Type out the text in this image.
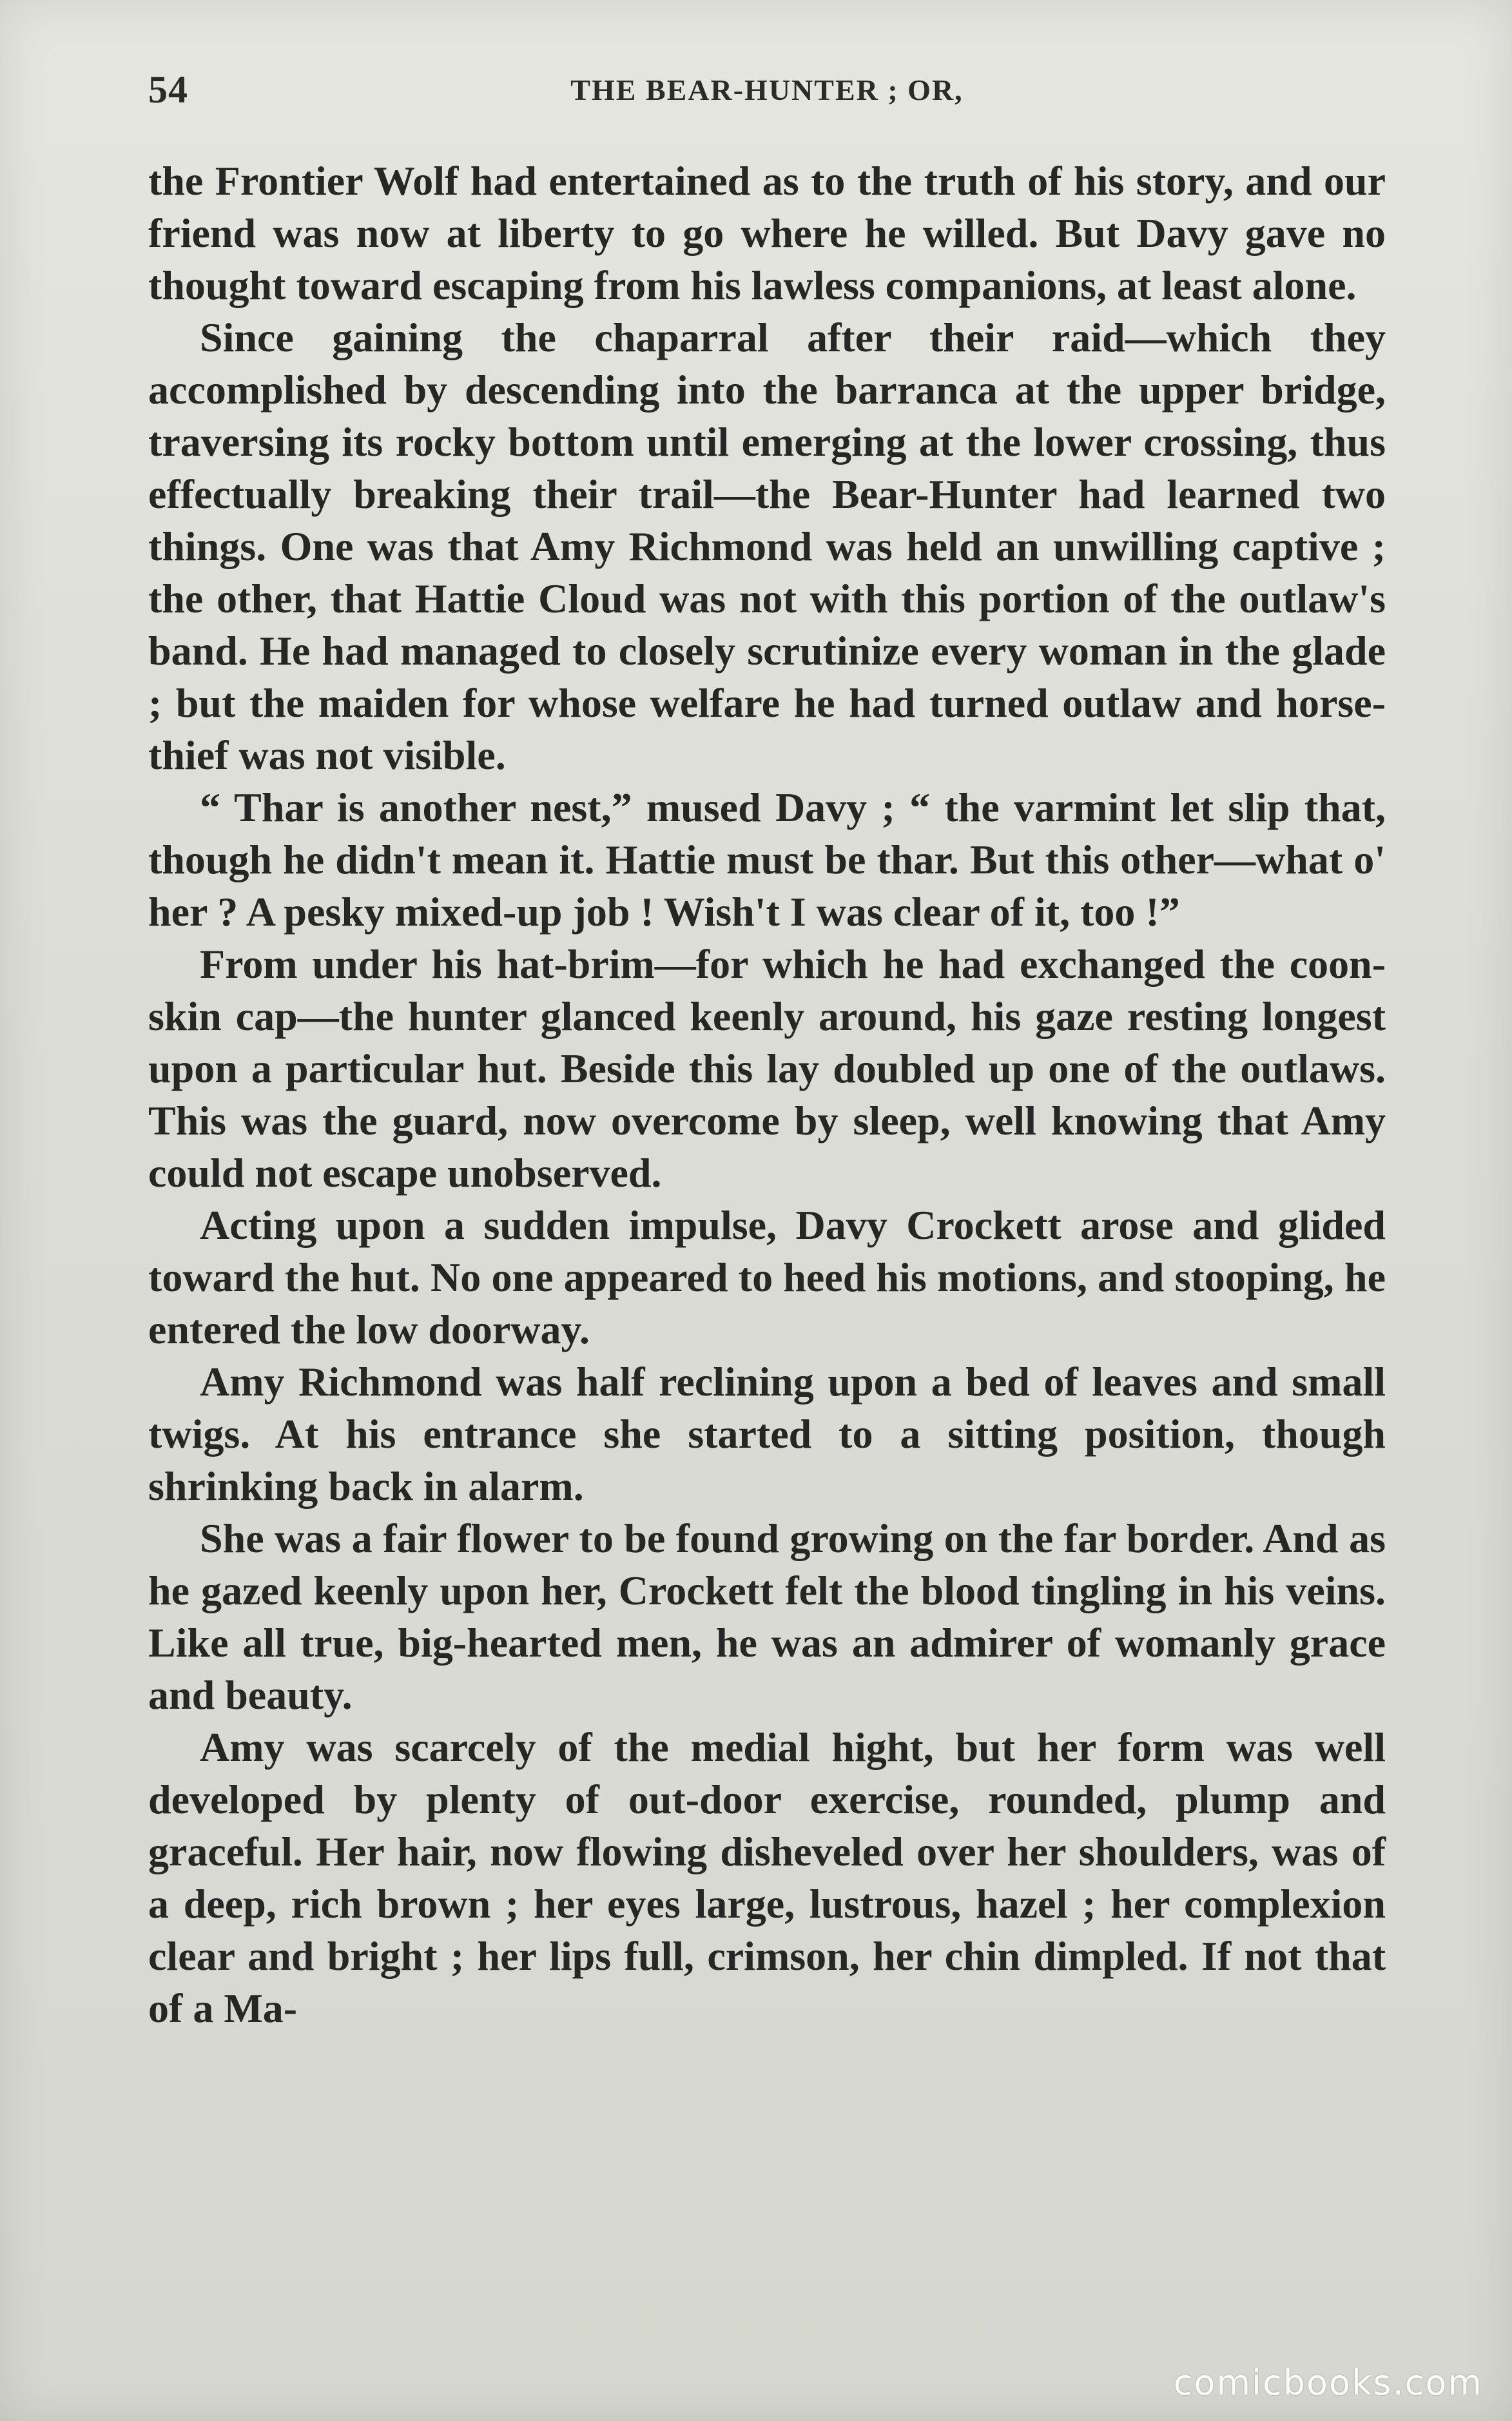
54	THE BEAR-HUNTER ; OR,

the Frontier Wolf had entertained as to the truth of his story, and our friend was now at liberty to go where he willed. But Davy gave no thought toward escaping from his lawless companions, at least alone.

Since gaining the chaparral after their raid—which they accomplished by descending into the barranca at the upper bridge, traversing its rocky bottom until emerging at the lower crossing, thus effectually breaking their trail—the Bear-Hunter had learned two things. One was that Amy Richmond was held an unwilling captive ; the other, that Hattie Cloud was not with this portion of the outlaw's band. He had managed to closely scrutinize every woman in the glade ; but the maiden for whose welfare he had turned outlaw and horse-thief was not visible.

“ Thar is another nest,” mused Davy ; “ the varmint let slip that, though he didn't mean it. Hattie must be thar. But this other—what o' her ? A pesky mixed-up job ! Wish't I was clear of it, too !”

From under his hat-brim—for which he had exchanged the coon-skin cap—the hunter glanced keenly around, his gaze resting longest upon a particular hut. Beside this lay doubled up one of the outlaws. This was the guard, now overcome by sleep, well knowing that Amy could not escape unobserved.

Acting upon a sudden impulse, Davy Crockett arose and glided toward the hut. No one appeared to heed his motions, and stooping, he entered the low doorway.

Amy Richmond was half reclining upon a bed of leaves and small twigs. At his entrance she started to a sitting position, though shrinking back in alarm.

She was a fair flower to be found growing on the far border. And as he gazed keenly upon her, Crockett felt the blood tingling in his veins. Like all true, big-hearted men, he was an admirer of womanly grace and beauty.

Amy was scarcely of the medial hight, but her form was well developed by plenty of out-door exercise, rounded, plump and graceful. Her hair, now flowing disheveled over her shoulders, was of a deep, rich brown ; her eyes large, lustrous, hazel ; her complexion clear and bright ; her lips full, crimson, her chin dimpled. If not that of a Ma-

comicbooks.com
